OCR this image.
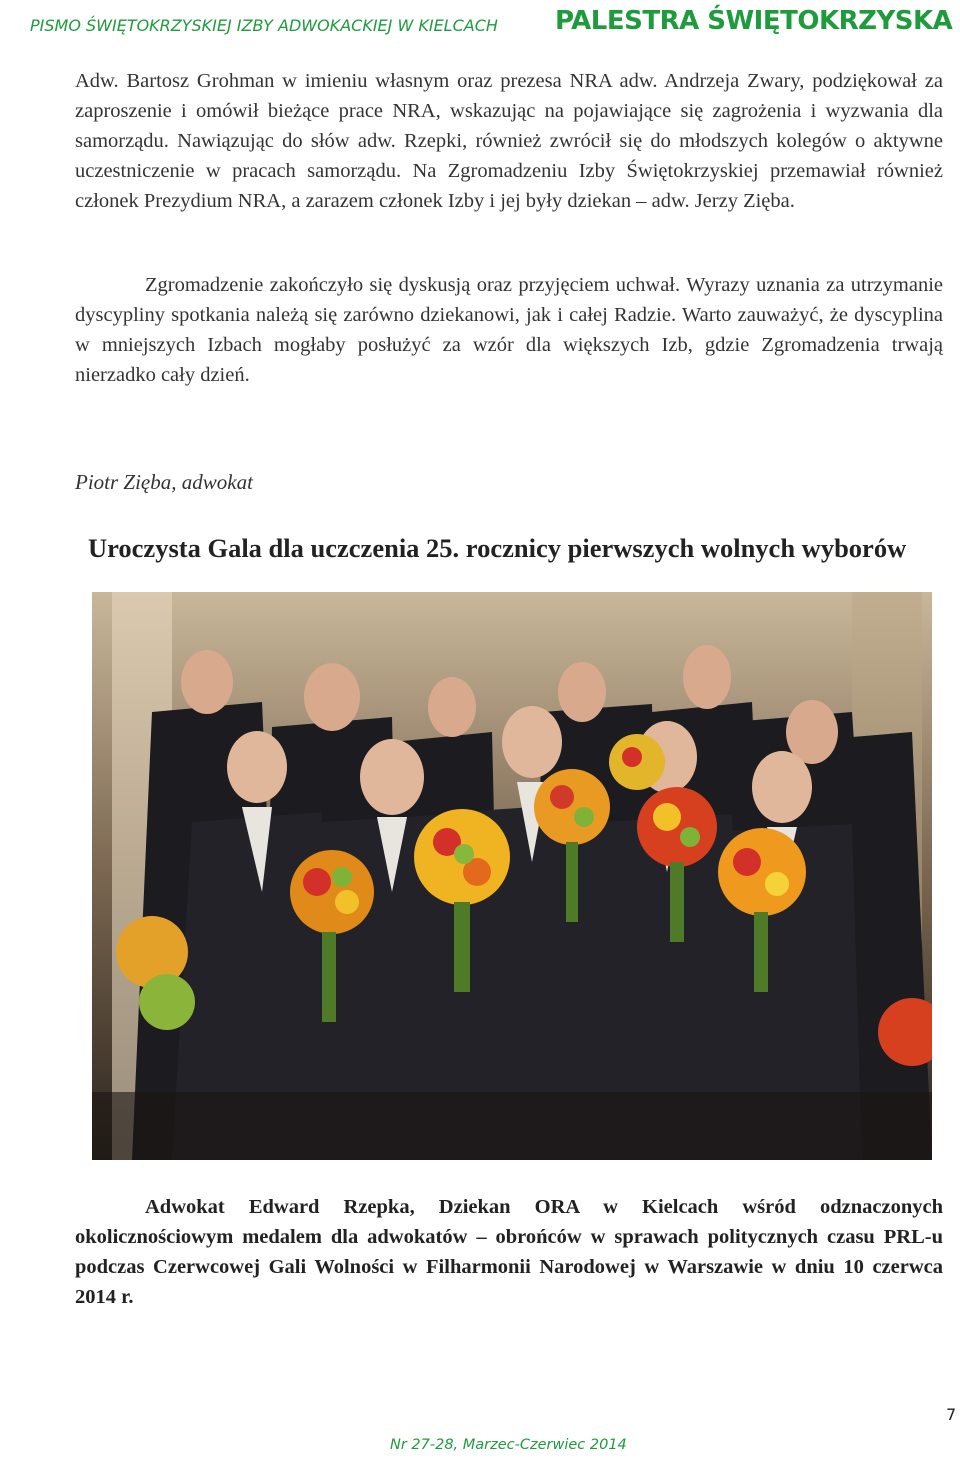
PISMO ŚWIĘTOKRZYSKIEJ IZBY ADWOKACKIEJ W KIELCACH PALESTRA ŚWIĘTOKRZYSKA

Adw. Bartosz Grohman w imieniu własnym oraz prezesa NRA adw. Andrzeja Zwary, podziękował za zaproszenie i omówił bieżące prace NRA, wskazując na pojawiające się zagrożenia i wyzwania dla samorządu. Nawiązując do słów adw. Rzepki, również zwrócił się do młodszych kolegów o aktywne uczestniczenie w pracach samorządu. Na Zgromadzeniu Izby Świętokrzyskiej przemawiał również członek Prezydium NRA, a zarazem członek Izby i jej były dziekan – adw. Jerzy Zięba.

Zgromadzenie zakończyło się dyskusją oraz przyjęciem uchwał. Wyrazy uznania za utrzymanie dyscypliny spotkania należą się zarówno dziekanowi, jak i całej Radzie. Warto zauważyć, że dyscyplina w mniejszych Izbach mogłaby posłużyć za wzór dla większych Izb, gdzie Zgromadzenia trwają nierzadko cały dzień.

Piotr Zięba, adwokat
Uroczysta Gala dla uczczenia 25. rocznicy pierwszych wolnych wyborów

Adwokat Edward Rzepka, Dziekan ORA w Kielcach wśród odznaczonych okolicznościowym medalem dla adwokatów – obrońców w sprawach politycznych czasu PRL-u podczas Czerwcowej Gali Wolności w Filharmonii Narodowej w Warszawie w dniu 10 czerwca 2014 r.

7
Nr 27-28, Marzec-Czerwiec 2014
